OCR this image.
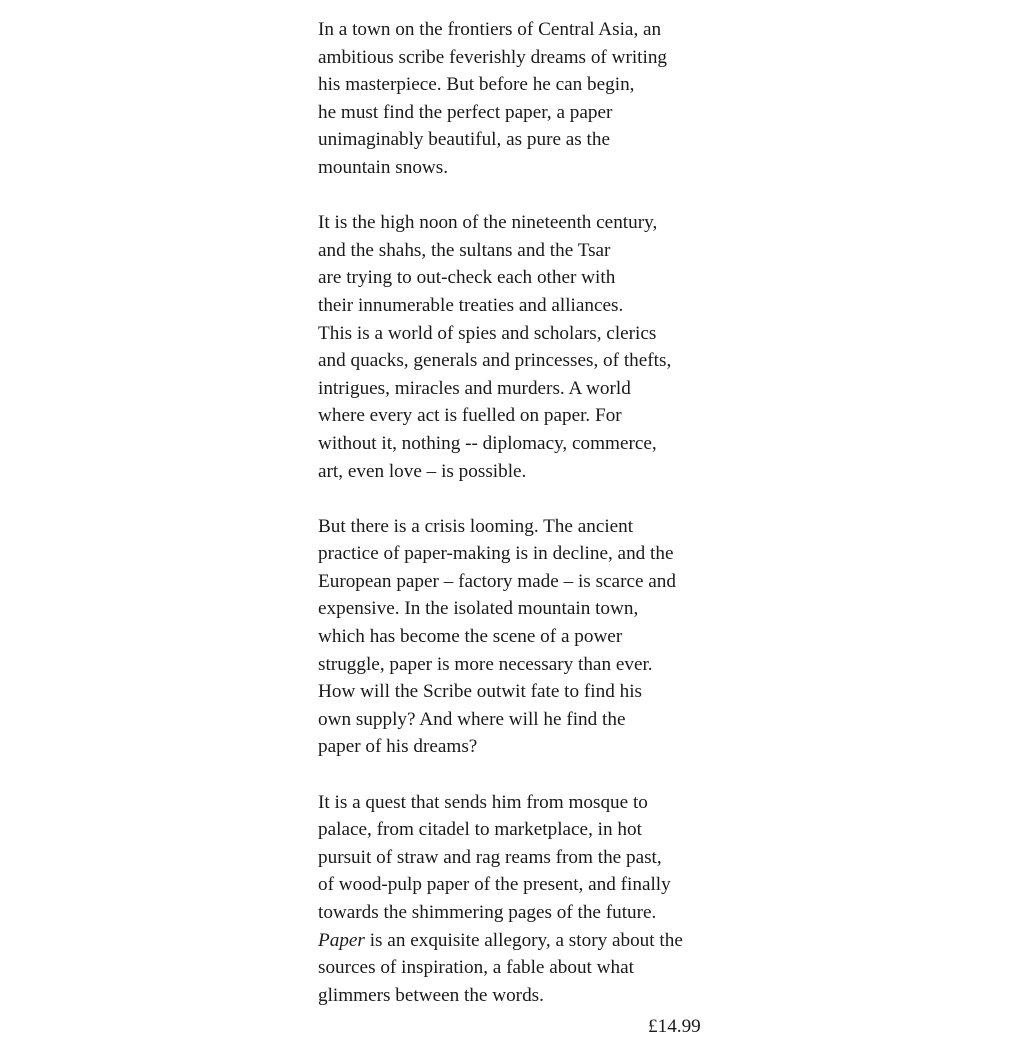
In a town on the frontiers of Central Asia, an
ambitious scribe feverishly dreams of writing
his masterpiece. But before he can begin,
he must find the perfect paper, a paper
unimaginably beautiful, as pure as the
mountain snows.

It is the high noon of the nineteenth century,
and the shahs, the sultans and the Tsar
are trying to out-check each other with
their innumerable treaties and alliances.
This is a world of spies and scholars, clerics
and quacks, generals and princesses, of thefts,
intrigues, miracles and murders. A world
where every act is fuelled on paper. For
without it, nothing -- diplomacy, commerce,
art, even love – is possible.

But there is a crisis looming. The ancient
practice of paper-making is in decline, and the
European paper – factory made – is scarce and
expensive. In the isolated mountain town,
which has become the scene of a power
struggle, paper is more necessary than ever.
How will the Scribe outwit fate to find his
own supply? And where will he find the
paper of his dreams?

It is a quest that sends him from mosque to
palace, from citadel to marketplace, in hot
pursuit of straw and rag reams from the past,
of wood-pulp paper of the present, and finally
towards the shimmering pages of the future.
Paper is an exquisite allegory, a story about the
sources of inspiration, a fable about what
glimmers between the words.

£14.99
